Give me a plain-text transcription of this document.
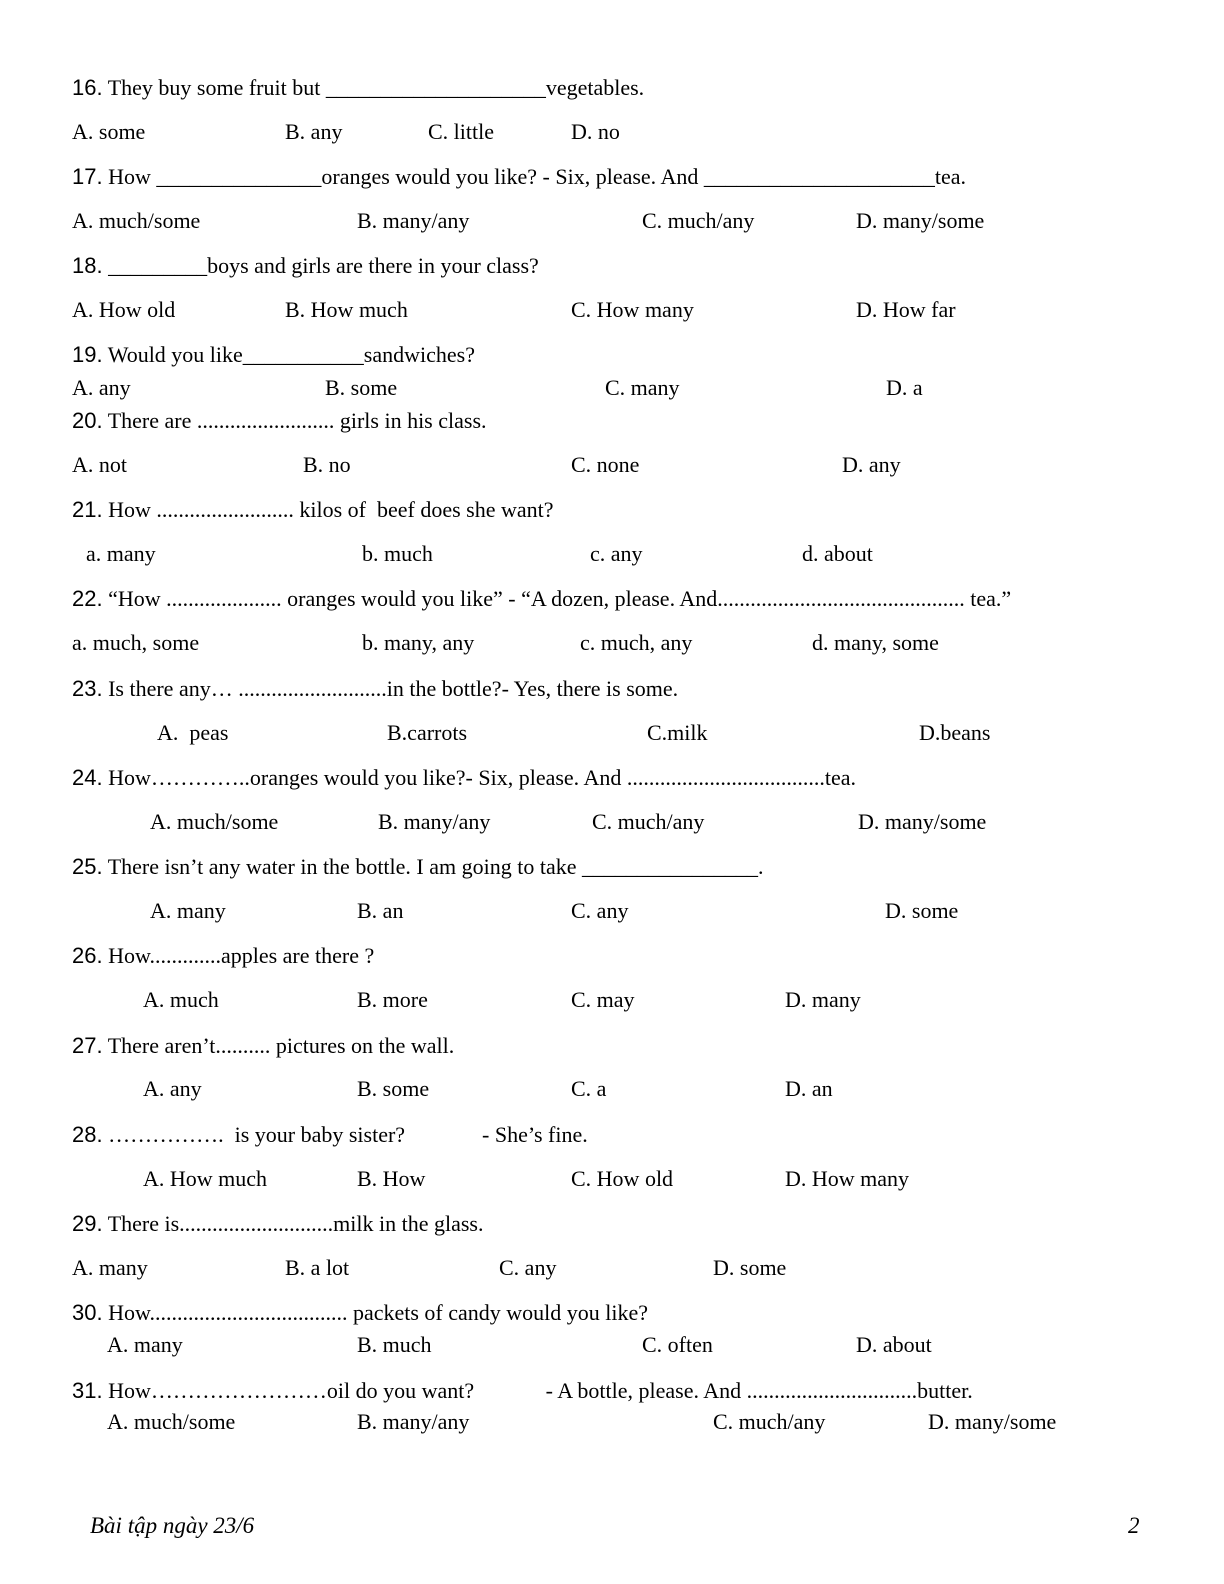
16. They buy some fruit but ____________________vegetables.
A. some	B. any	C. little	D. no
17. How _______________oranges would you like? - Six, please. And _____________________tea.
A. much/some	B. many/any	C. much/any	D. many/some
18. _________boys and girls are there in your class?
A. How old	B. How much	C. How many	D. How far
19. Would you like___________sandwiches?
A. any	B. some	C. many	D. a
20. There are ......................... girls in his class.
A. not	B. no	C. none	D. any
21. How ......................... kilos of  beef does she want?
a. many	b. much	c. any	d. about
22. “How ..................... oranges would you like” - “A dozen, please. And............................................. tea.”
a. much, some	b. many, any	c. much, any	d. many, some
23. Is there any… ...........................in the bottle?- Yes, there is some.
A.  peas	B.carrots	C.milk	D.beans
24. How…………..oranges would you like?- Six, please. And ....................................tea.
A. much/some	B. many/any	C. much/any	D. many/some
25. There isn’t any water in the bottle. I am going to take ________________.
A. many	B. an	C. any	D. some
26. How.............apples are there ?
A. much	B. more	C. may	D. many
27. There aren’t.......... pictures on the wall.
A. any	B. some	C. a	D. an
28. …………….  is your baby sister?              - She’s fine.
A. How much	B. How	C. How old	D. How many
29. There is............................milk in the glass.
A. many	B. a lot	C. any	D. some
30. How.................................... packets of candy would you like?
A. many	B. much	C. often	D. about
31. How……………………oil do you want?             - A bottle, please. And ...............................butter.
A. much/some	B. many/any	C. much/any	D. many/some
Bài tập ngày 23/6	2
